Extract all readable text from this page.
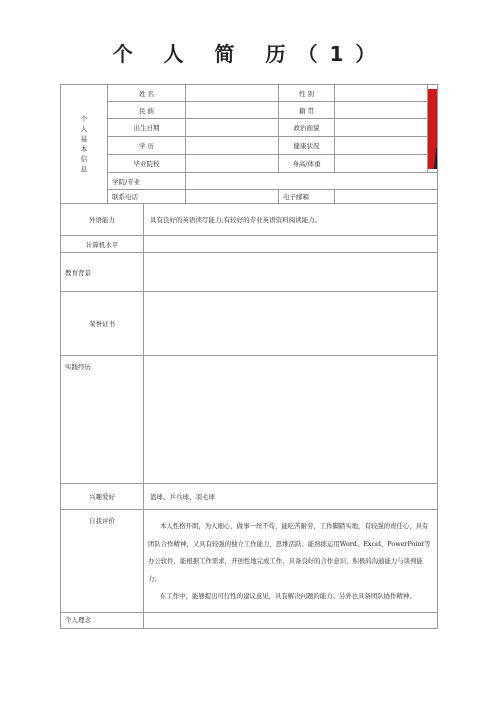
个 人 简 历（1）
个人基本信息	姓 名			性 别		

	民 族			籍 贯		
	出生日期			政治面貌		
	学 历			健康状况		
	毕业院校			身高/体重		
	学院/专业					
	联系电话			电子邮箱		
外语能力		具有良好的英语读写能力,有较好的专业英语资料阅读能力。				
计算机水平						
教育背景						
荣誉证书						
实践经历						
兴趣爱好		篮球、乒乓球、羽毛球				
自我评价		本人性格开朗，为人细心，做事一丝不苟，能吃苦耐劳，工作脚踏实地，有较强的责任心，具有团队合作精神，又具有较强的独立工作能力，思维活跃；能熟练运用Word、Excel、PowerPoint等办公软件，能根据工作需求，开创性地完成工作，具备良好的合作意识，积极的沟通能力与谈判能力；

在工作中，能够提出可行性的建议意见，具有解决问题的能力；另外也具备团队协作精神。				

个人理念						
